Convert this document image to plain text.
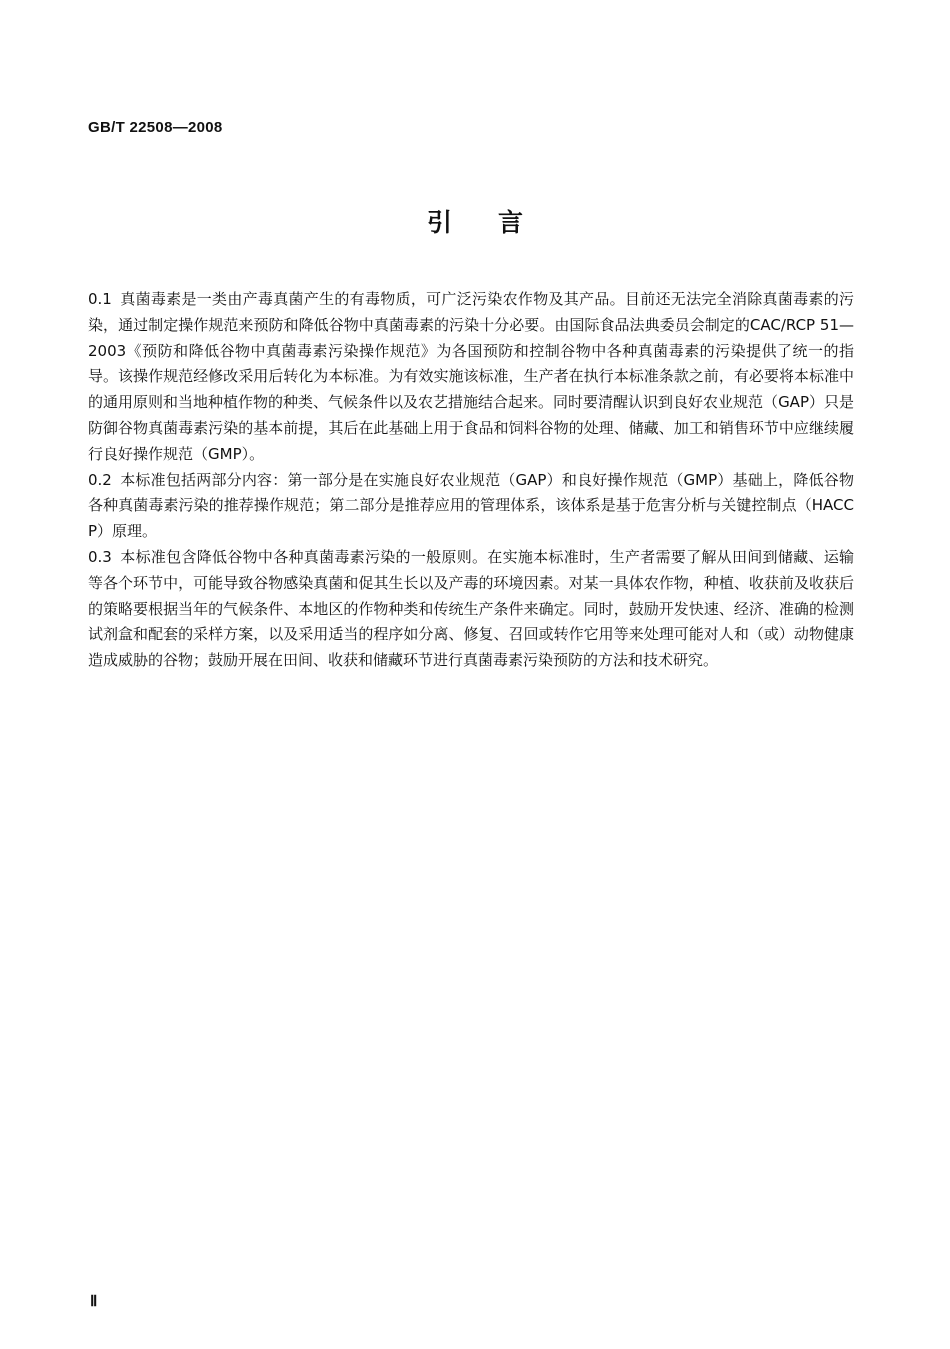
GB/T 22508—2008
引言

0.1 真菌毒素是一类由产毒真菌产生的有毒物质，可广泛污染农作物及其产品。目前还无法完全消除真菌毒素的污染，通过制定操作规范来预防和降低谷物中真菌毒素的污染十分必要。由国际食品法典委员会制定的CAC/RCP 51—2003《预防和降低谷物中真菌毒素污染操作规范》为各国预防和控制谷物中各种真菌毒素的污染提供了统一的指导。该操作规范经修改采用后转化为本标准。为有效实施该标准，生产者在执行本标准条款之前，有必要将本标准中的通用原则和当地种植作物的种类、气候条件以及农艺措施结合起来。同时要清醒认识到良好农业规范（GAP）只是防御谷物真菌毒素污染的基本前提，其后在此基础上用于食品和饲料谷物的处理、储藏、加工和销售环节中应继续履行良好操作规范（GMP）。

0.2 本标准包括两部分内容：第一部分是在实施良好农业规范（GAP）和良好操作规范（GMP）基础上，降低谷物各种真菌毒素污染的推荐操作规范；第二部分是推荐应用的管理体系，该体系是基于危害分析与关键控制点（HACCP）原理。

0.3 本标准包含降低谷物中各种真菌毒素污染的一般原则。在实施本标准时，生产者需要了解从田间到储藏、运输等各个环节中，可能导致谷物感染真菌和促其生长以及产毒的环境因素。对某一具体农作物，种植、收获前及收获后的策略要根据当年的气候条件、本地区的作物种类和传统生产条件来确定。同时，鼓励开发快速、经济、准确的检测试剂盒和配套的采样方案，以及采用适当的程序如分离、修复、召回或转作它用等来处理可能对人和（或）动物健康造成威胁的谷物；鼓励开展在田间、收获和储藏环节进行真菌毒素污染预防的方法和技术研究。

Ⅱ
